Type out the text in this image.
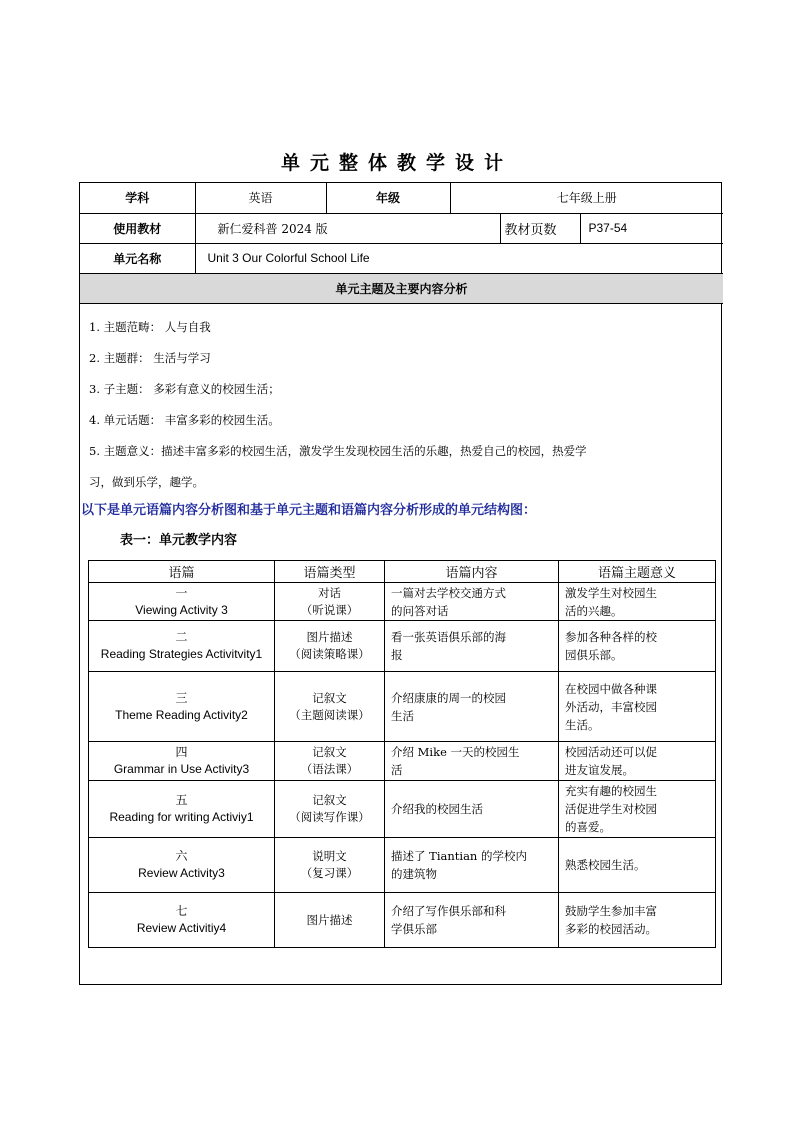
单元整体教学设计
学科	英语	年级	七年级上册		
使用教材	新仁爱科普 2024 版			教材页数	P37-54
单元名称	Unit 3 Our Colorful School Life				
单元主题及主要内容分析					

1. 主题范畴： 人与自我

2. 主题群： 生活与学习

3. 子主题： 多彩有意义的校园生活；

4. 单元话题： 丰富多彩的校园生活。

5. 主题意义：描述丰富多彩的校园生活，激发学生发现校园生活的乐趣，热爱自己的校园，热爱学

习，做到乐学，趣学。

以下是单元语篇内容分析图和基于单元主题和语篇内容分析形成的单元结构图：
表一：单元教学内容
语篇	语篇类型	语篇内容	语篇主题意义

一
Viewing Activity 3	对话
（听说课）	一篇对去学校交通方式
的问答对话	激发学生对校园生
活的兴趣。

二
Reading Strategies Activitvity1	图片描述
（阅读策略课）	看一张英语俱乐部的海
报	参加各种各样的校
园俱乐部。

三
Theme Reading Activity2	记叙文
（主题阅读课）	介绍康康的周一的校园
生活	在校园中做各种课
外活动，丰富校园
生活。

四
Grammar in Use Activity3	记叙文
（语法课）	介绍 Mike 一天的校园生
活	校园活动还可以促
进友谊发展。

五
Reading for writing Activiy1	记叙文
（阅读写作课）	介绍我的校园生活	充实有趣的校园生
活促进学生对校园
的喜爱。

六
Review Activity3	说明文
（复习课）	描述了 Tiantian 的学校内
的建筑物	熟悉校园生活。

七
Review Activitiy4	图片描述	介绍了写作俱乐部和科
学俱乐部	鼓励学生参加丰富
多彩的校园活动。
